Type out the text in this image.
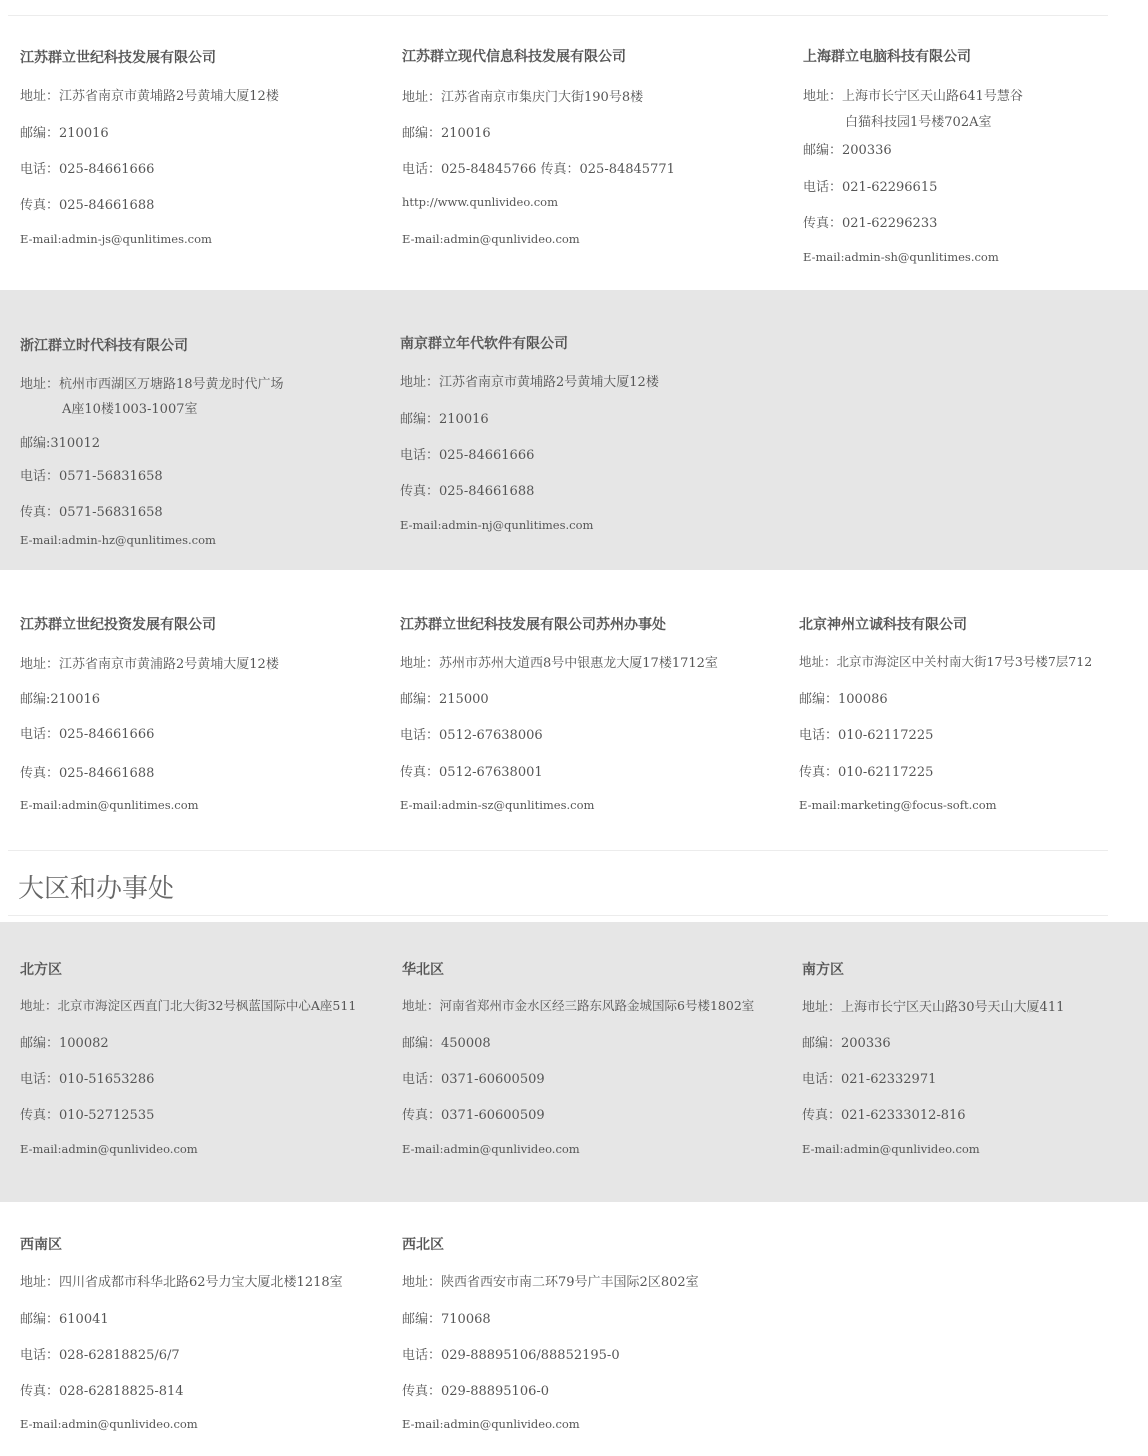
江苏群立世纪科技发展有限公司
地址：江苏省南京市黄埔路2号黄埔大厦12楼
邮编：210016
电话：025-84661666
传真：025-84661688
E-mail:admin-js@qunlitimes.com
江苏群立现代信息科技发展有限公司
地址：江苏省南京市集庆门大街190号8楼
邮编：210016
电话：025-84845766 传真：025-84845771
http://www.qunlivideo.com
E-mail:admin@qunlivideo.com
上海群立电脑科技有限公司
地址：上海市长宁区天山路641号慧谷
白猫科技园1号楼702A室
邮编：200336
电话：021-62296615
传真：021-62296233
E-mail:admin-sh@qunlitimes.com
浙江群立时代科技有限公司
地址：杭州市西湖区万塘路18号黄龙时代广场
A座10楼1003-1007室
邮编:310012
电话：0571-56831658
传真：0571-56831658
E-mail:admin-hz@qunlitimes.com
南京群立年代软件有限公司
地址：江苏省南京市黄埔路2号黄埔大厦12楼
邮编：210016
电话：025-84661666
传真：025-84661688
E-mail:admin-nj@qunlitimes.com
江苏群立世纪投资发展有限公司
地址：江苏省南京市黄浦路2号黄埔大厦12楼
邮编:210016
电话：025-84661666
传真：025-84661688
E-mail:admin@qunlitimes.com
江苏群立世纪科技发展有限公司苏州办事处
地址：苏州市苏州大道西8号中银惠龙大厦17楼1712室
邮编：215000
电话：0512-67638006
传真：0512-67638001
E-mail:admin-sz@qunlitimes.com
北京神州立诚科技有限公司
地址：北京市海淀区中关村南大街17号3号楼7层712
邮编：100086
电话：010-62117225
传真：010-62117225
E-mail:marketing@focus-soft.com
大区和办事处
北方区
地址：北京市海淀区西直门北大街32号枫蓝国际中心A座511
邮编：100082
电话：010-51653286
传真：010-52712535
E-mail:admin@qunlivideo.com
华北区
地址：河南省郑州市金水区经三路东风路金城国际6号楼1802室
邮编：450008
电话：0371-60600509
传真：0371-60600509
E-mail:admin@qunlivideo.com
南方区
地址：上海市长宁区天山路30号天山大厦411
邮编：200336
电话：021-62332971
传真：021-62333012-816
E-mail:admin@qunlivideo.com
西南区
地址：四川省成都市科华北路62号力宝大厦北楼1218室
邮编：610041
电话：028-62818825/6/7
传真：028-62818825-814
E-mail:admin@qunlivideo.com
西北区
地址：陕西省西安市南二环79号广丰国际2区802室
邮编：710068
电话：029-88895106/88852195-0
传真：029-88895106-0
E-mail:admin@qunlivideo.com
